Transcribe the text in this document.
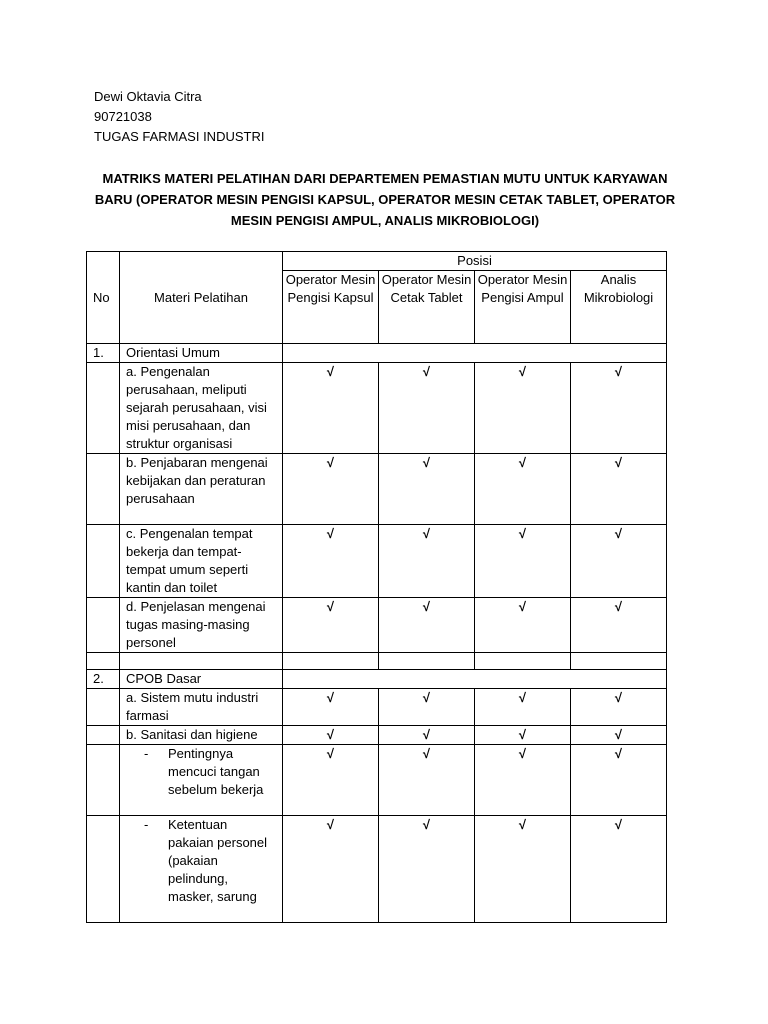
Dewi Oktavia Citra
90721038
TUGAS FARMASI INDUSTRI
MATRIKS MATERI PELATIHAN DARI DEPARTEMEN PEMASTIAN MUTU UNTUK KARYAWAN BARU (OPERATOR MESIN PENGISI KAPSUL, OPERATOR MESIN CETAK TABLET, OPERATOR MESIN PENGISI AMPUL, ANALIS MIKROBIOLOGI)
No	Materi Pelatihan	Posisi			
		Operator Mesin Pengisi Kapsul	Operator Mesin Cetak Tablet	Operator Mesin Pengisi Ampul	Analis Mikrobiologi
1.	Orientasi Umum				
	a. Pengenalan perusahaan, meliputi sejarah perusahaan, visi misi perusahaan, dan struktur organisasi	√	√	√	√
	b. Penjabaran mengenai kebijakan dan peraturan perusahaan	√	√	√	√
	c. Pengenalan tempat bekerja dan tempat-tempat umum seperti kantin dan toilet	√	√	√	√
	d. Penjelasan mengenai tugas masing-masing personel	√	√	√	√

2.	CPOB Dasar				
	a. Sistem mutu industri farmasi	√	√	√	√
	b. Sanitasi dan higiene	√	√	√	√

	- Pentingnya mencuci tangan sebelum bekerja	√	√	√	√

	- Ketentuan pakaian personel (pakaian pelindung, masker, sarung	√	√	√	√
